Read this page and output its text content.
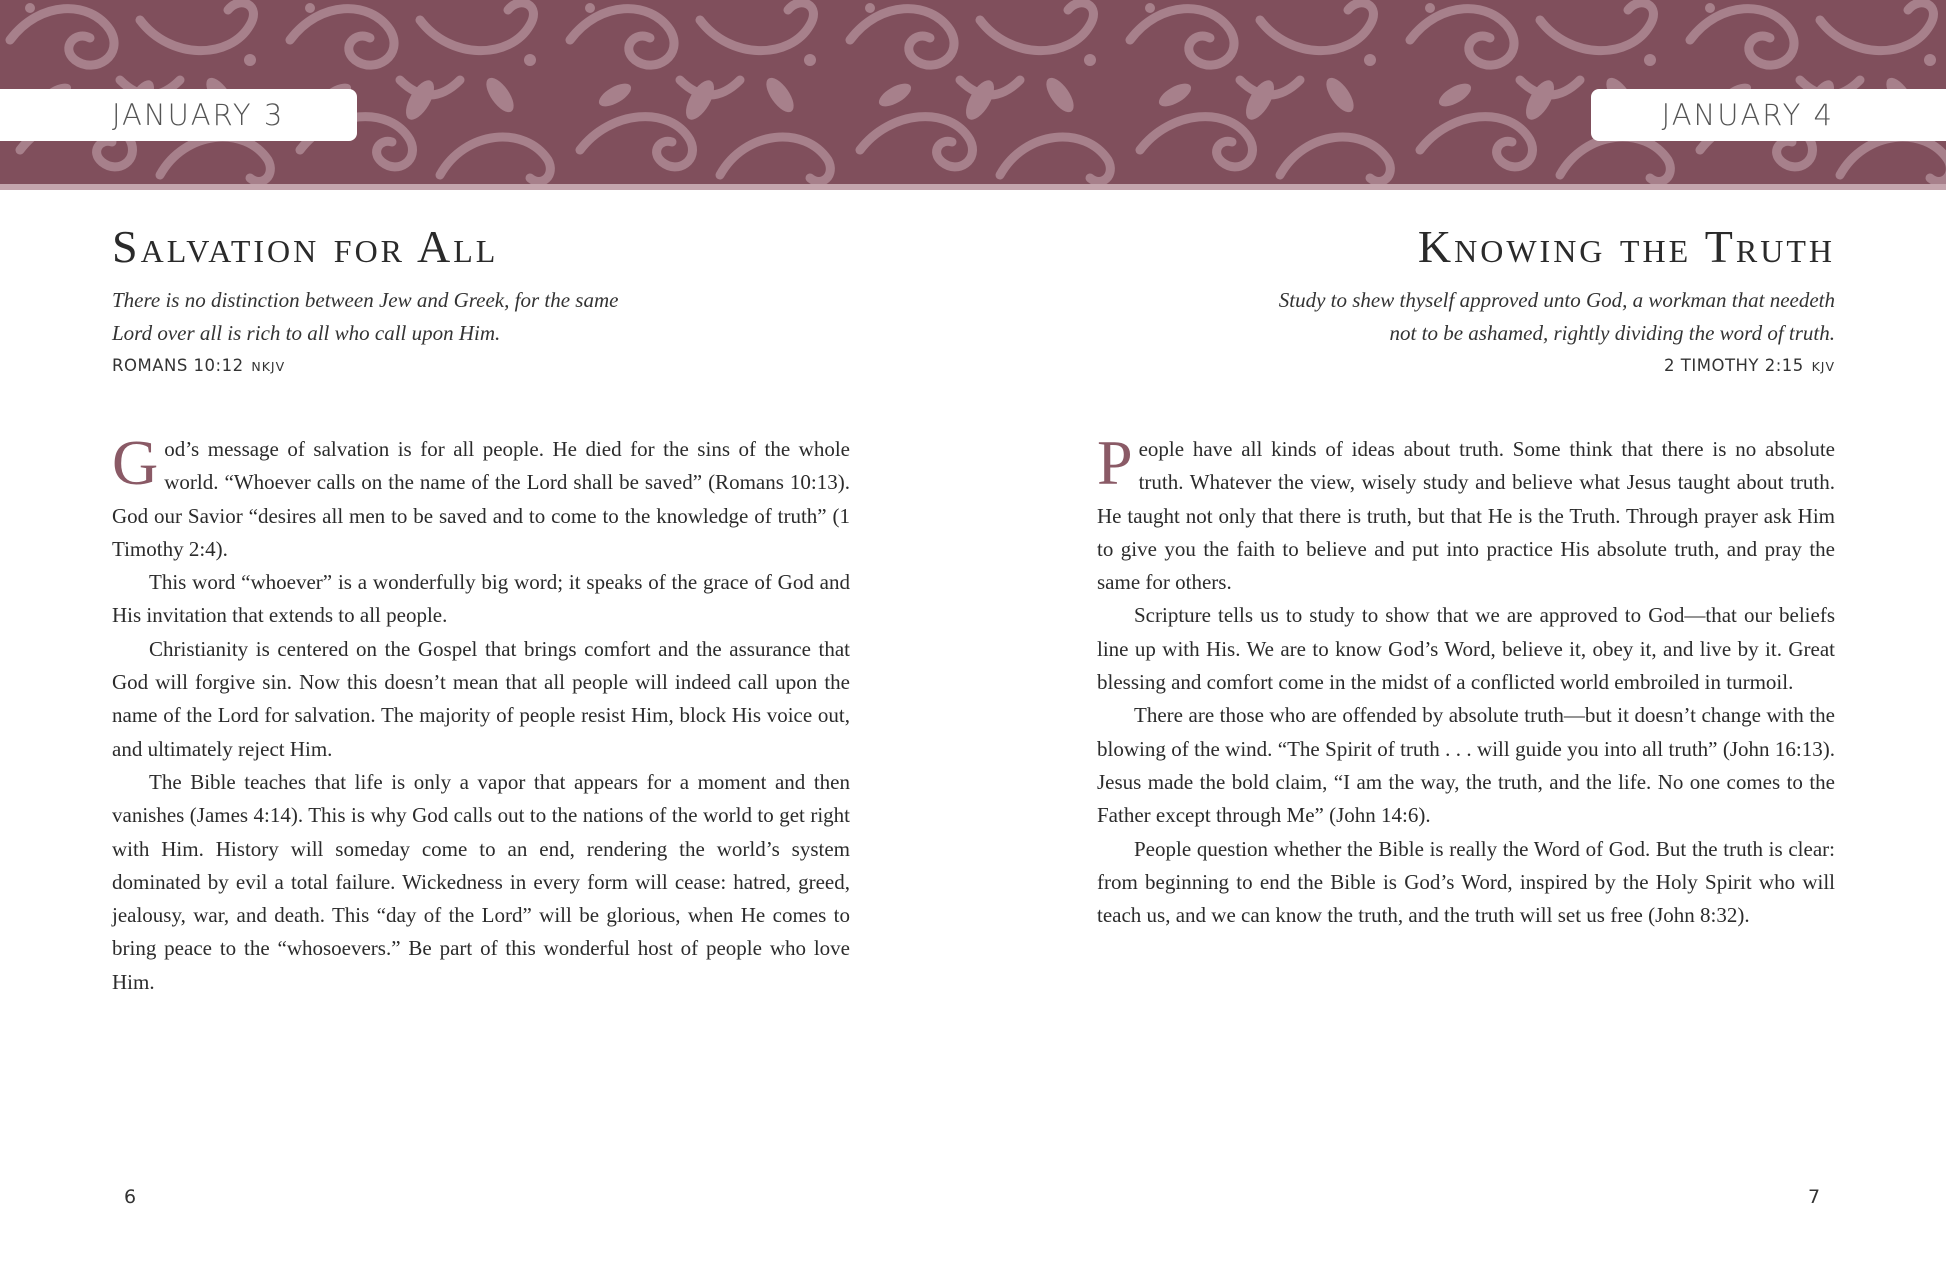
JANUARY 3	JANUARY 4
Salvation for All
There is no distinction between Jew and Greek, for the same
Lord over all is rich to all who call upon Him.
ROMANS 10:12 NKJV

God’s message of salvation is for all people. He died for the sins of the whole world. “Whoever calls on the name of the Lord shall be saved” (Romans 10:13). God our Savior “desires all men to be saved and to come to the knowledge of truth” (1 Timothy 2:4).

This word “whoever” is a wonderfully big word; it speaks of the grace of God and His invitation that extends to all people.

Christianity is centered on the Gospel that brings comfort and the assurance that God will forgive sin. Now this doesn’t mean that all people will indeed call upon the name of the Lord for salvation. The majority of people resist Him, block His voice out, and ultimately reject Him.

The Bible teaches that life is only a vapor that appears for a moment and then vanishes (James 4:14). This is why God calls out to the nations of the world to get right with Him. History will someday come to an end, rendering the world’s system dominated by evil a total failure. Wickedness in every form will cease: hatred, greed, jealousy, war, and death. This “day of the Lord” will be glorious, when He comes to bring peace to the “whosoevers.” Be part of this wonderful host of people who love Him.

Knowing the Truth
Study to shew thyself approved unto God, a workman that needeth
not to be ashamed, rightly dividing the word of truth.
2 TIMOTHY 2:15 KJV

People have all kinds of ideas about truth. Some think that there is no absolute truth. Whatever the view, wisely study and believe what Jesus taught about truth. He taught not only that there is truth, but that He is the Truth. Through prayer ask Him to give you the faith to believe and put into practice His absolute truth, and pray the same for others.

Scripture tells us to study to show that we are approved to God—that our beliefs line up with His. We are to know God’s Word, believe it, obey it, and live by it. Great blessing and comfort come in the midst of a conflicted world embroiled in turmoil.

There are those who are offended by absolute truth—but it doesn’t change with the blowing of the wind. “The Spirit of truth . . . will guide you into all truth” (John 16:13). Jesus made the bold claim, “I am the way, the truth, and the life. No one comes to the Father except through Me” (John 14:6).

People question whether the Bible is really the Word of God. But the truth is clear: from beginning to end the Bible is God’s Word, inspired by the Holy Spirit who will teach us, and we can know the truth, and the truth will set us free (John 8:32).

6	7
